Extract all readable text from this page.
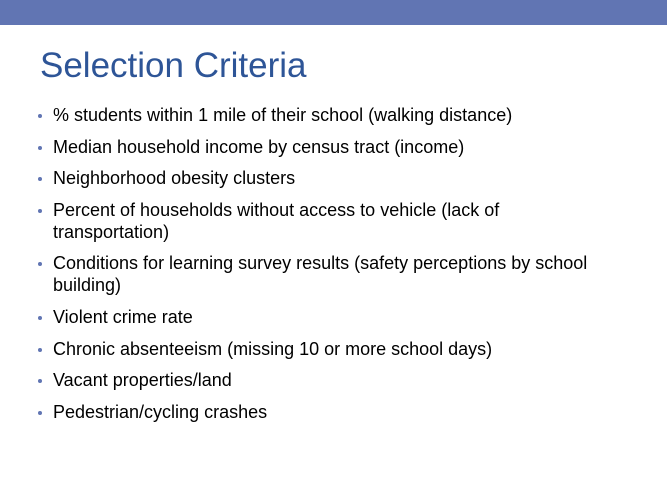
Selection Criteria
% students within 1 mile of their school (walking distance)
Median household income by census tract (income)
Neighborhood obesity clusters
Percent of households without access to vehicle (lack of transportation)
Conditions for learning survey results (safety perceptions by school building)
Violent crime rate
Chronic absenteeism (missing 10 or more school days)
Vacant properties/land
Pedestrian/cycling crashes
